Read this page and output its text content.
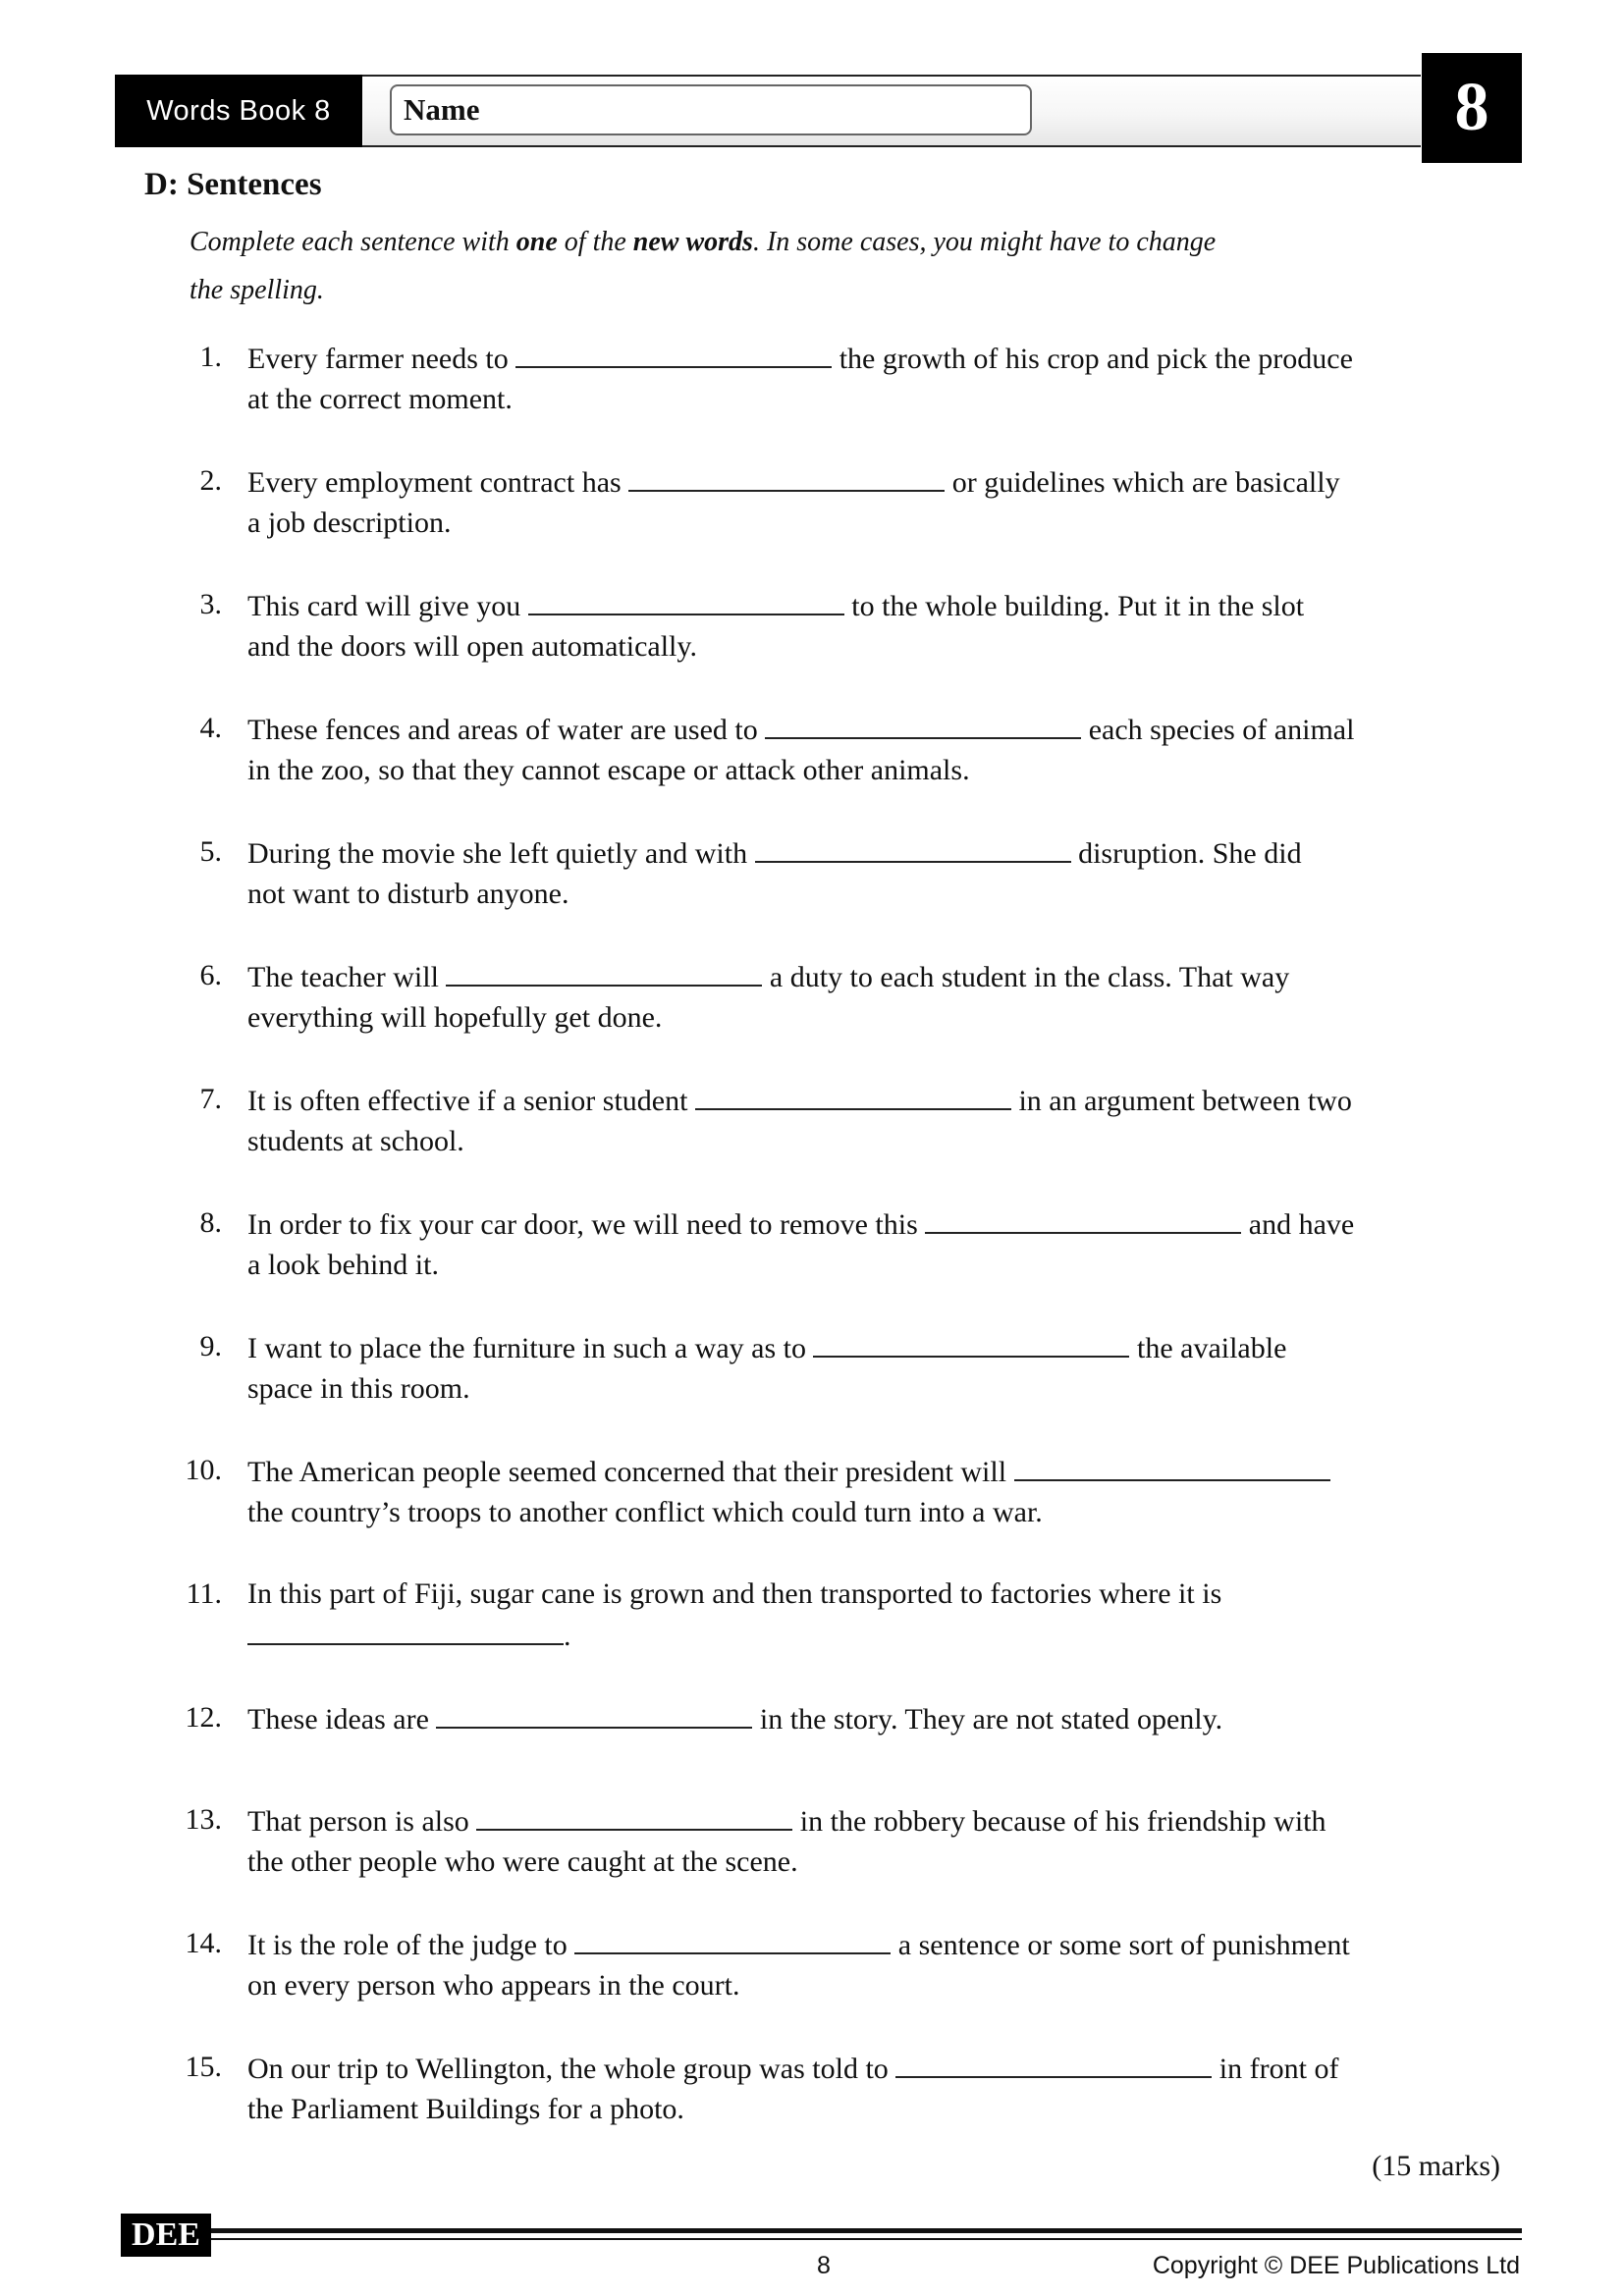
Words Book 8	Name	8
D: Sentences
Complete each sentence with one of the new words. In some cases, you might have to change
the spelling.
1. Every farmer needs to	the growth of his crop and pick the produce
at the correct moment.
2. Every employment contract has	or guidelines which are basically
a job description.
3. This card will give you	to the whole building. Put it in the slot
and the doors will open automatically.
4. These fences and areas of water are used to	each species of animal
in the zoo, so that they cannot escape or attack other animals.
5. During the movie she left quietly and with	disruption. She did
not want to disturb anyone.
6. The teacher will	a duty to each student in the class. That way
everything will hopefully get done.
7. It is often effective if a senior student	in an argument between two
students at school.
8. In order to fix your car door, we will need to remove this	and have
a look behind it.
9. I want to place the furniture in such a way as to	the available
space in this room.
10. The American people seemed concerned that their president will
the country’s troops to another conflict which could turn into a war.
11. In this part of Fiji, sugar cane is grown and then transported to factories where it is
.
12. These ideas are	in the story. They are not stated openly.

13. That person is also	in the robbery because of his friendship with
the other people who were caught at the scene.
14. It is the role of the judge to	a sentence or some sort of punishment
on every person who appears in the court.
15. On our trip to Wellington, the whole group was told to	in front of
the Parliament Buildings for a photo.
(15 marks)
DEE
8	Copyright © DEE Publications Ltd
